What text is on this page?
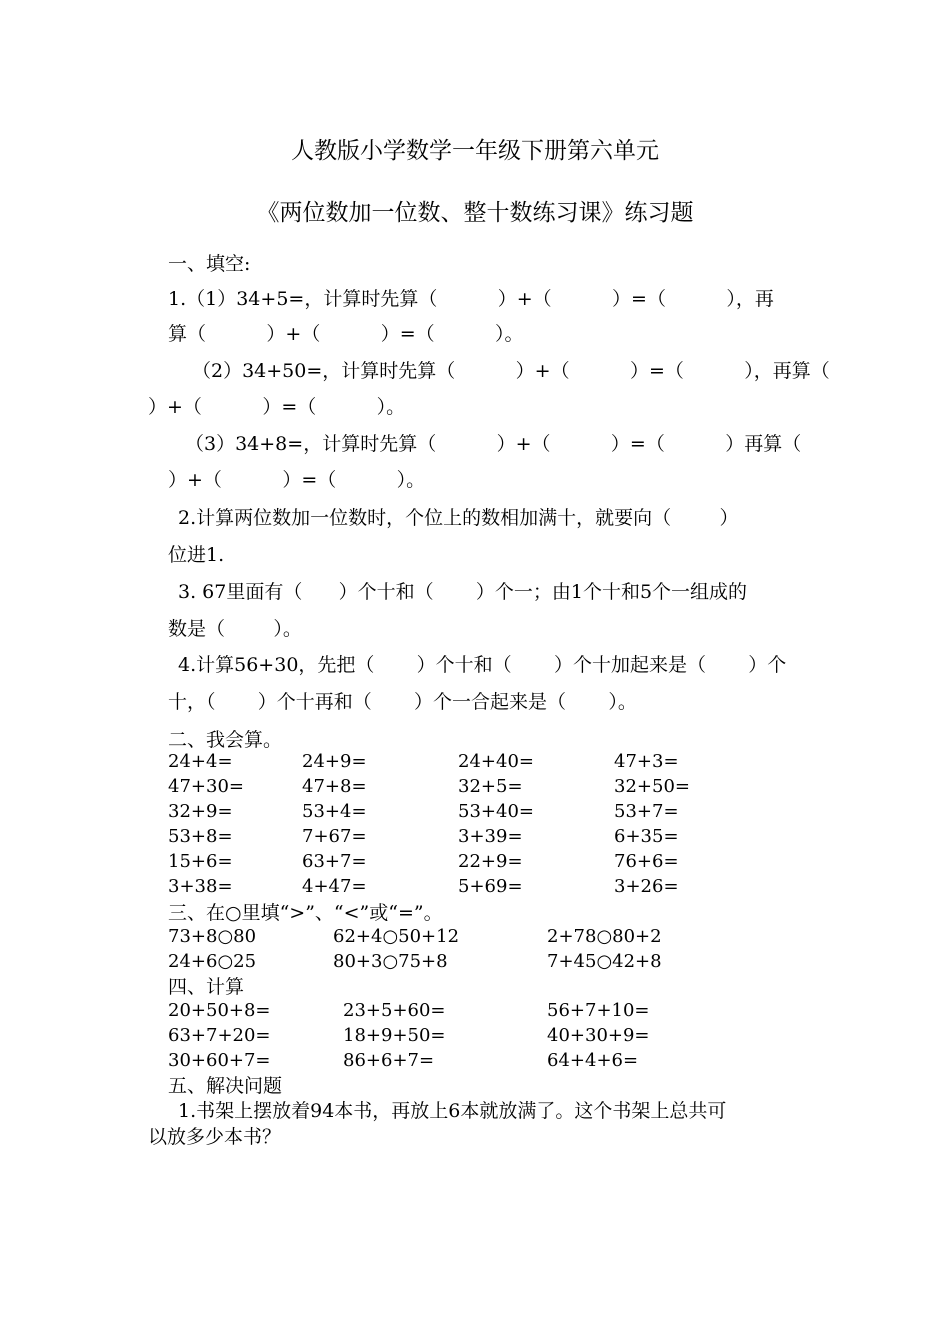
人教版小学数学一年级下册第六单元
《两位数加一位数、整十数练习课》练习题
一、填空:
1.（1）34+5=，计算时先算（          ）+（          ）=（          ），再
算（          ）+（          ）=（          ）。
（2）34+50=，计算时先算（          ）+（          ）=（          ），再算（
）+（          ）=（          ）。
（3）34+8=，计算时先算（          ）+（          ）=（          ）再算（
）+（          ）=（          ）。
2.计算两位数加一位数时，个位上的数相加满十，就要向（        ）
位进1.
3. 67里面有（      ）个十和（       ）个一；由1个十和5个一组成的
数是（        ）。
4.计算56+30，先把（       ）个十和（       ）个十加起来是（       ）个
十，（       ）个十再和（       ）个一合起来是（       ）。
二、我会算。
24+4=	24+9=	24+40=	47+3=
47+30=	47+8=	32+5=	32+50=
32+9=	53+4=	53+40=	53+7=
53+8=	7+67=	3+39=	6+35=
15+6=	63+7=	22+9=	76+6=
3+38=	4+47=	5+69=	3+26=
三、在○里填“>”、“<”或“=”。
73+8○80	62+4○50+12	2+78○80+2
24+6○25	80+3○75+8	7+45○42+8
四、计算
20+50+8=	23+5+60=	56+7+10=
63+7+20=	18+9+50=	40+30+9=
30+60+7=	86+6+7=	64+4+6=
五、解决问题
1.书架上摆放着94本书，再放上6本就放满了。这个书架上总共可
以放多少本书？
